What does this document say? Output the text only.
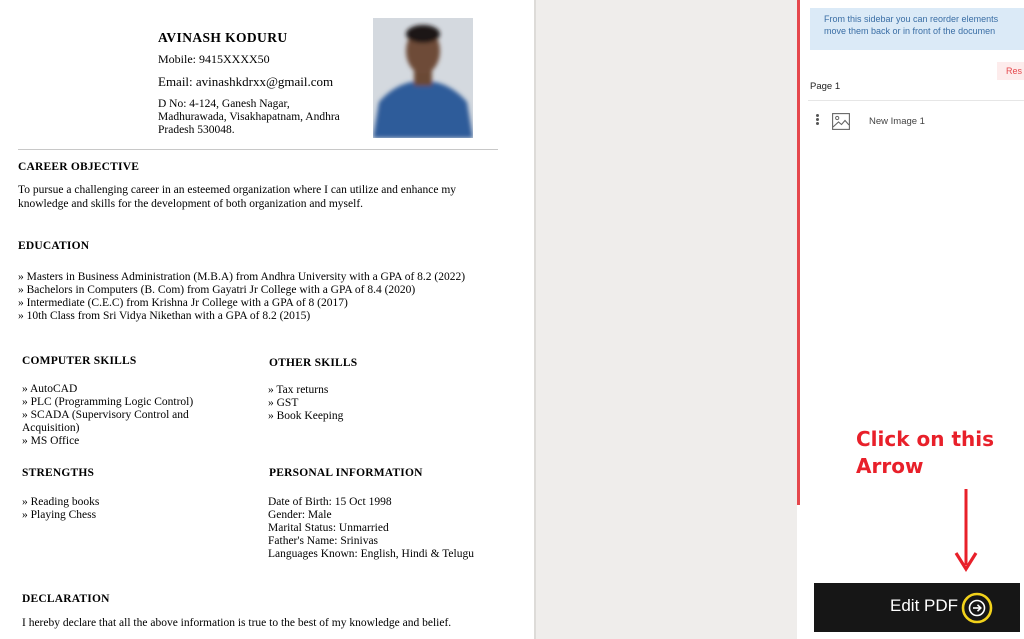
AVINASH KODURU
Mobile: 9415XXXX50
Email: avinashkdrxx@gmail.com
D No: 4-124, Ganesh Nagar, Madhurawada, Visakhapatnam, Andhra Pradesh 530048.
CAREER OBJECTIVE
To pursue a challenging career in an esteemed organization where I can utilize and enhance my knowledge and skills for the development of both organization and myself.
EDUCATION
» Masters in Business Administration (M.B.A) from Andhra University with a GPA of 8.2 (2022)
» Bachelors in Computers (B. Com) from Gayatri Jr College with a GPA of 8.4 (2020)
» Intermediate (C.E.C) from Krishna Jr College with a GPA of 8 (2017)
» 10th Class from Sri Vidya Nikethan with a GPA of 8.2 (2015)
COMPUTER SKILLS
» AutoCAD
» PLC (Programming Logic Control)
» SCADA (Supervisory Control and
Acquisition)
» MS Office
OTHER SKILLS
» Tax returns
» GST
» Book Keeping
STRENGTHS
» Reading books
» Playing Chess
PERSONAL INFORMATION
Date of Birth: 15 Oct 1998
Gender: Male
Marital Status: Unmarried
Father's Name: Srinivas
Languages Known: English, Hindi & Telugu
DECLARATION
I hereby declare that all the above information is true to the best of my knowledge and belief.
From this sidebar you can reorder elements
move them back or in front of the documen
Res
Page 1
New Image 1
Click on this
Arrow
Edit PDF
